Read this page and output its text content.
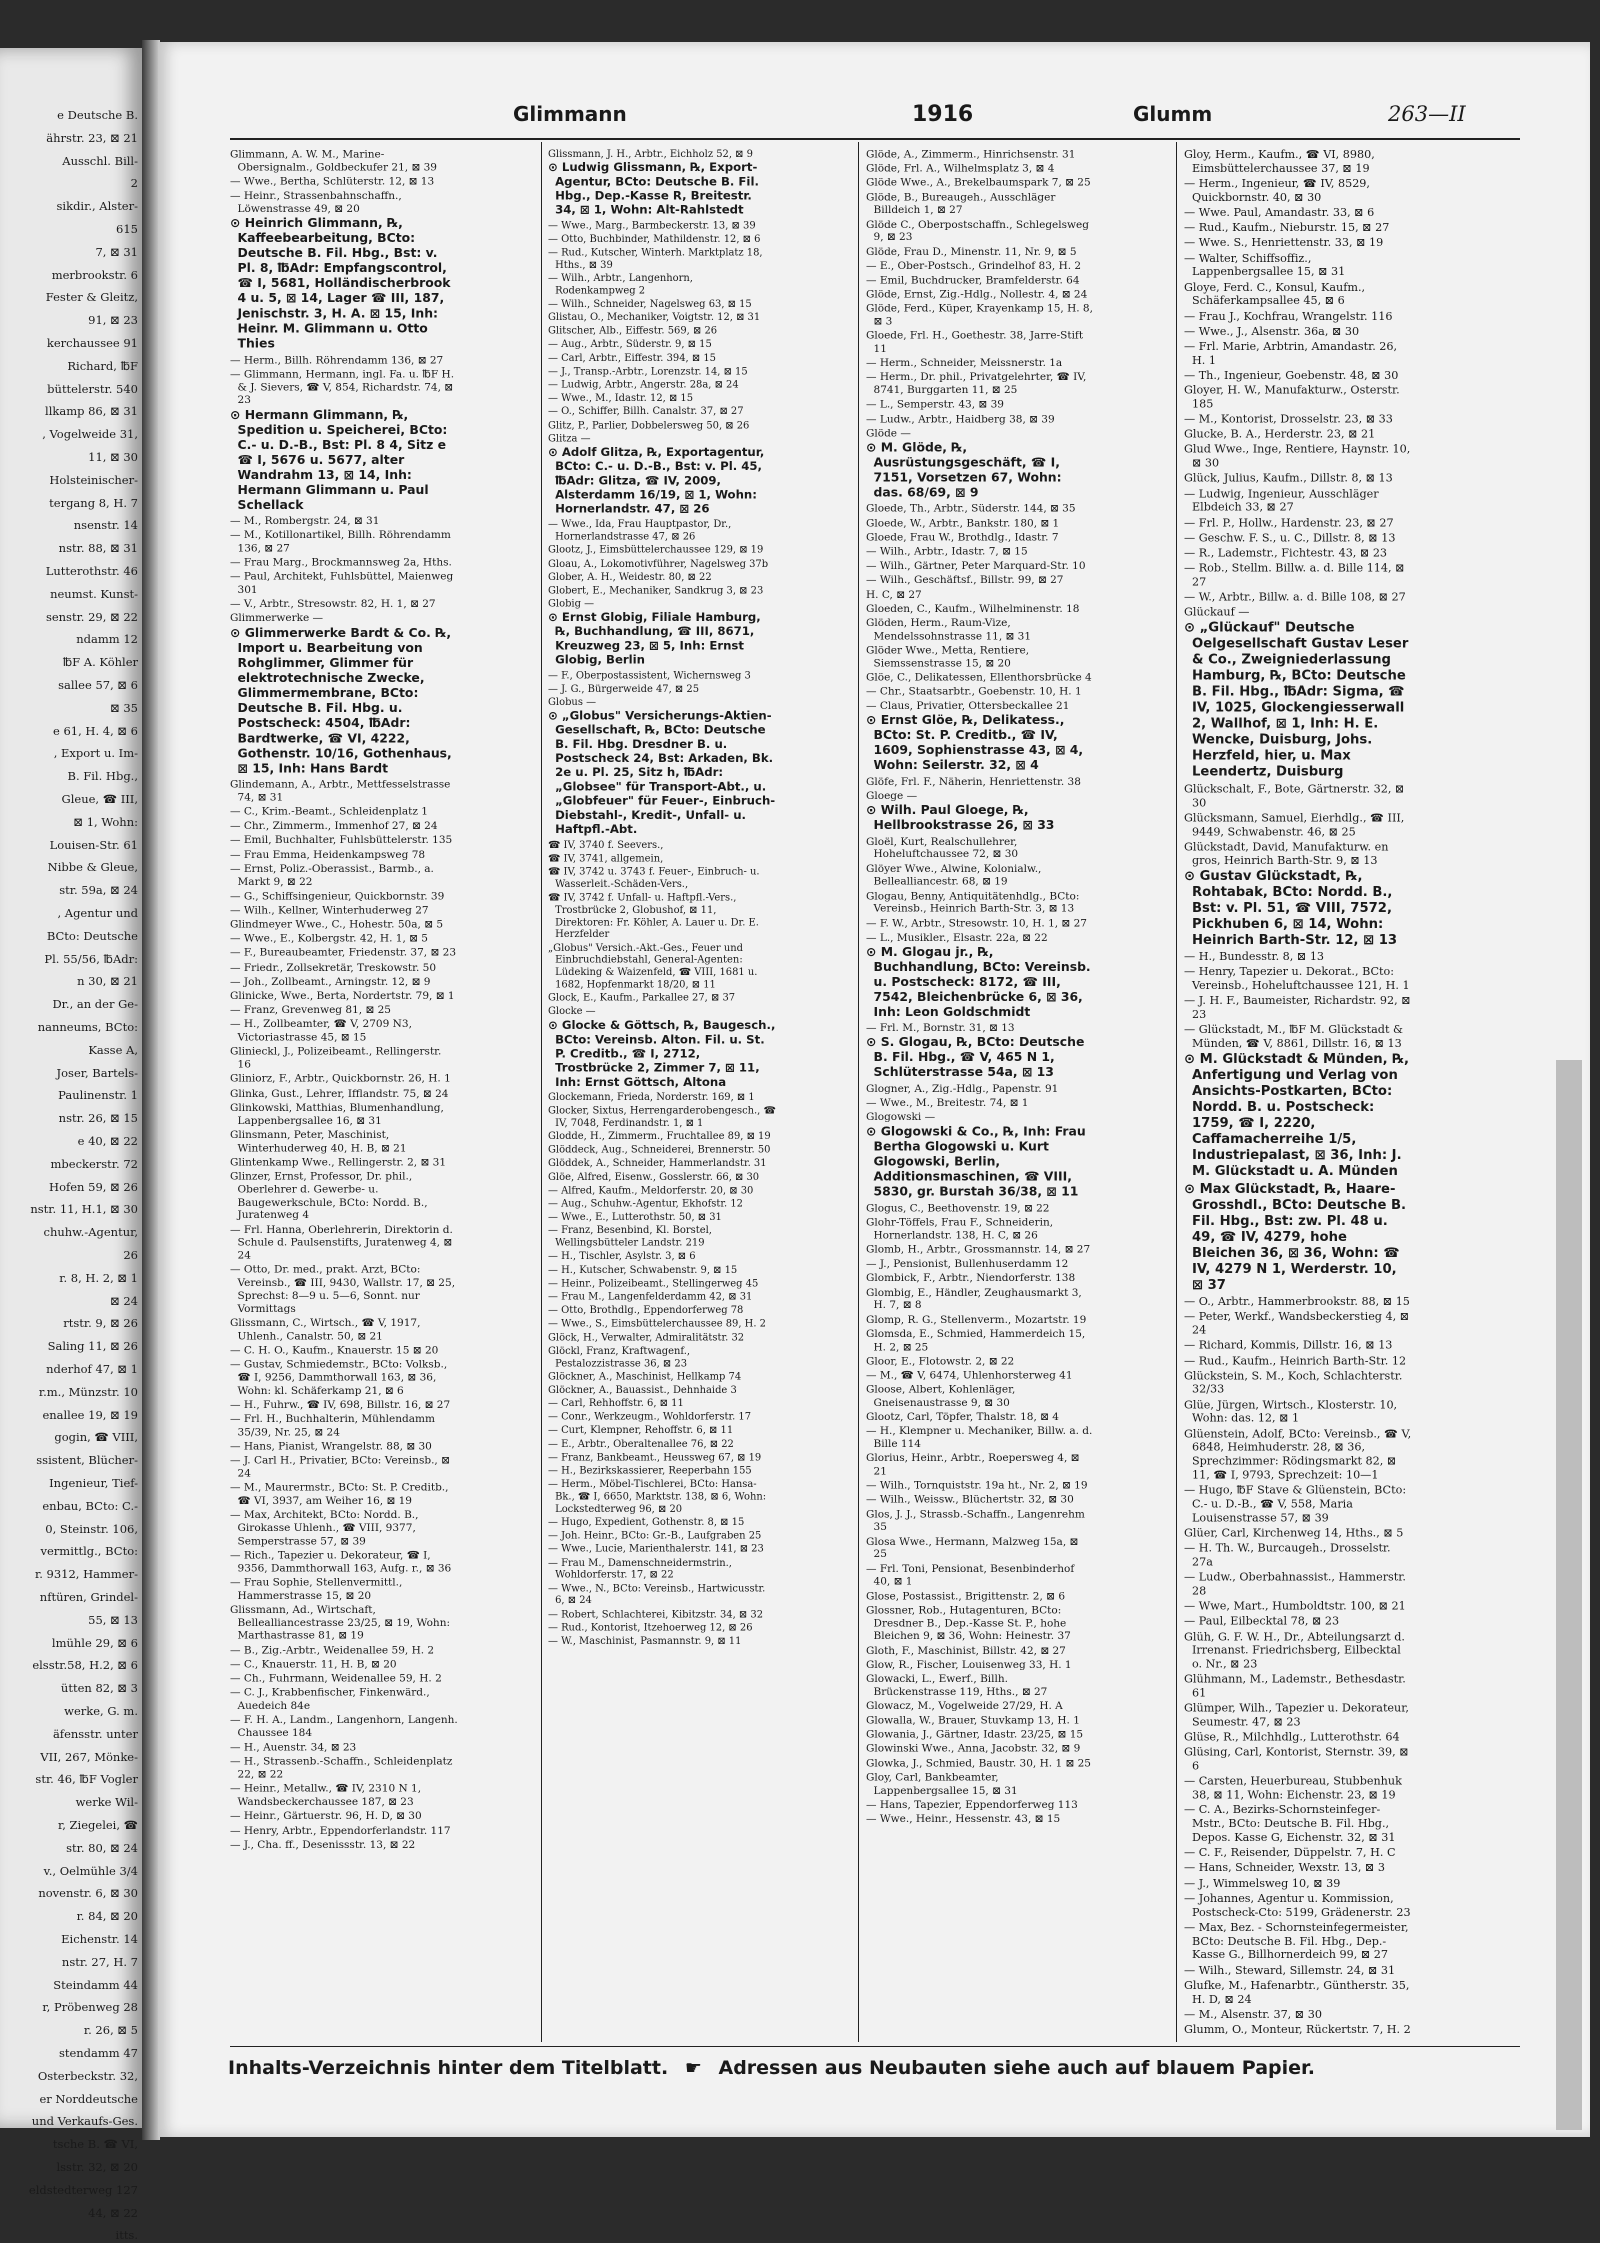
e Deutsche B.
ährstr. 23, ⊠ 21
Ausschl. Bill-
2
sikdir., Alster-
615
7, ⊠ 31
merbrookstr. 6
Fester & Gleitz,
91, ⊠ 23
kerchaussee 91
Richard, ℔F
büttelerstr. 540
llkamp 86, ⊠ 31
, Vogelweide 31,
11, ⊠ 30
Holsteinischer-
tergang 8, H. 7
nsenstr. 14
nstr. 88, ⊠ 31
Lutterothstr. 46
neumst. Kunst-
senstr. 29, ⊠ 22
ndamm 12
℔F A. Köhler
sallee 57, ⊠ 6
⊠ 35
e 61, H. 4, ⊠ 6
, Export u. Im-
B. Fil. Hbg.,
Gleue, ☎ III,
⊠ 1, Wohn:
Louisen-Str. 61
Nibbe & Gleue,
str. 59a, ⊠ 24
, Agentur und
BCto: Deutsche
Pl. 55/56, ℔Adr:
n 30, ⊠ 21
Dr., an der Ge-
nanneums, BCto:
Kasse A,
Joser, Bartels-
Paulinenstr. 1
nstr. 26, ⊠ 15
e 40, ⊠ 22
mbeckerstr. 72
Hofen 59, ⊠ 26
nstr. 11, H.1, ⊠ 30
chuhw.-Agentur,
26
r. 8, H. 2, ⊠ 1
⊠ 24
rtstr. 9, ⊠ 26
Saling 11, ⊠ 26
nderhof 47, ⊠ 1
r.m., Münzstr. 10
enallee 19, ⊠ 19
gogin, ☎ VIII,
ssistent, Blücher-
Ingenieur, Tief-
enbau, BCto: C.-
0, Steinstr. 106,
vermittlg., BCto:
r. 9312, Hammer-
nftüren, Grindel-
55, ⊠ 13
lmühle 29, ⊠ 6
elsstr.58, H.2, ⊠ 6
ütten 82, ⊠ 3
werke, G. m.
äfensstr. unter
VII, 267, Mönke-
str. 46, ℔F Vogler
werke Wil-
r, Ziegelei, ☎
str. 80, ⊠ 24
v., Oelmühle 3/4
novenstr. 6, ⊠ 30
r. 84, ⊠ 20
Eichenstr. 14
nstr. 27, H. 7
Steindamm 44
r, Pröbenweg 28
r. 26, ⊠ 5
stendamm 47
Osterbeckstr. 32,
er Norddeutsche
und Verkaufs-Ges.
tsche B. ☎ VI,
lsstr. 32, ⊠ 20
eldstedterweg 127
44, ⊠ 22
itts.
Glimmann	1916	Glumm	263—II
Glimmann, A. W. M., Marine-Obersignalm., Goldbeckufer 21, ⊠ 39
— Wwe., Bertha, Schlüterstr. 12, ⊠ 13
— Heinr., Strassenbahnschaffn., Löwenstrasse 49, ⊠ 20
⊙ Heinrich Glimmann, ℞, Kaffeebearbeitung, BCto: Deutsche B. Fil. Hbg., Bst: v. Pl. 8, ℔Adr: Empfangscontrol, ☎ I, 5681, Holländischerbrook 4 u. 5, ⊠ 14, Lager ☎ III, 187, Jenischstr. 3, H. A. ⊠ 15, Inh: Heinr. M. Glimmann u. Otto Thies
— Herm., Billh. Röhrendamm 136, ⊠ 27
— Glimmann, Hermann, ingl. Fa. u. ℔F H. & J. Sievers, ☎ V, 854, Richardstr. 74, ⊠ 23
⊙ Hermann Glimmann, ℞, Spedition u. Speicherei, BCto: C.- u. D.-B., Bst: Pl. 8 4, Sitz e ☎ I, 5676 u. 5677, alter Wandrahm 13, ⊠ 14, Inh: Hermann Glimmann u. Paul Schellack
— M., Rombergstr. 24, ⊠ 31
— M., Kotillonartikel, Billh. Röhrendamm 136, ⊠ 27
— Frau Marg., Brockmannsweg 2a, Hths.
— Paul, Architekt, Fuhlsbüttel, Maienweg 301
— V., Arbtr., Stresowstr. 82, H. 1, ⊠ 27
Glimmerwerke —
⊙ Glimmerwerke Bardt & Co. ℞, Import u. Bearbeitung von Rohglimmer, Glimmer für elektrotechnische Zwecke, Glimmermembrane, BCto: Deutsche B. Fil. Hbg. u. Postscheck: 4504, ℔Adr: Bardtwerke, ☎ VI, 4222, Gothenstr. 10/16, Gothenhaus, ⊠ 15, Inh: Hans Bardt
Glindemann, A., Arbtr., Mettfesselstrasse 74, ⊠ 31
— C., Krim.-Beamt., Schleidenplatz 1
— Chr., Zimmerm., Immenhof 27, ⊠ 24
— Emil, Buchhalter, Fuhlsbüttelerstr. 135
— Frau Emma, Heidenkampsweg 78
— Ernst, Poliz.-Oberassist., Barmb., a. Markt 9, ⊠ 22
— G., Schiffsingenieur, Quickbornstr. 39
— Wilh., Kellner, Winterhuderweg 27
Glindmeyer Wwe., C., Hohestr. 50a, ⊠ 5
— Wwe., E., Kolbergstr. 42, H. 1, ⊠ 5
— F., Bureaubeamter, Friedenstr. 37, ⊠ 23
— Friedr., Zollsekretär, Treskowstr. 50
— Joh., Zollbeamt., Arningstr. 12, ⊠ 9
Glinicke, Wwe., Berta, Nordertstr. 79, ⊠ 1
— Franz, Grevenweg 81, ⊠ 25
— H., Zollbeamter, ☎ V, 2709 N3, Victoriastrasse 45, ⊠ 15
Glinieckl, J., Polizeibeamt., Rellingerstr. 16
Gliniorz, F., Arbtr., Quickbornstr. 26, H. 1
Glinka, Gust., Lehrer, Ifflandstr. 75, ⊠ 24
Glinkowski, Matthias, Blumenhandlung, Lappenbergsallee 16, ⊠ 31
Glinsmann, Peter, Maschinist, Winterhuderweg 40, H. B, ⊠ 21
Glintenkamp Wwe., Rellingerstr. 2, ⊠ 31
Glinzer, Ernst, Professor, Dr. phil., Oberlehrer d. Gewerbe- u. Baugewerkschule, BCto: Nordd. B., Juratenweg 4
— Frl. Hanna, Oberlehrerin, Direktorin d. Schule d. Paulsenstifts, Juratenweg 4, ⊠ 24
— Otto, Dr. med., prakt. Arzt, BCto: Vereinsb., ☎ III, 9430, Wallstr. 17, ⊠ 25, Sprechst: 8—9 u. 5—6, Sonnt. nur Vormittags
Glissmann, C., Wirtsch., ☎ V, 1917, Uhlenh., Canalstr. 50, ⊠ 21
— C. H. O., Kaufm., Knauerstr. 15 ⊠ 20
— Gustav, Schmiedemstr., BCto: Volksb., ☎ I, 9256, Dammthorwall 163, ⊠ 36, Wohn: kl. Schäferkamp 21, ⊠ 6
— H., Fuhrw., ☎ IV, 698, Billstr. 16, ⊠ 27
— Frl. H., Buchhalterin, Mühlendamm 35/39, Nr. 25, ⊠ 24
— Hans, Pianist, Wrangelstr. 88, ⊠ 30
— J. Carl H., Privatier, BCto: Vereinsb., ⊠ 24
— M., Maurermstr., BCto: St. P. Creditb., ☎ VI, 3937, am Weiher 16, ⊠ 19
— Max, Architekt, BCto: Nordd. B., Girokasse Uhlenh., ☎ VIII, 9377, Semperstrasse 57, ⊠ 39
— Rich., Tapezier u. Dekorateur, ☎ I, 9356, Dammthorwall 163, Aufg. r., ⊠ 36
— Frau Sophie, Stellenvermittl., Hammerstrasse 15, ⊠ 20
Glissmann, Ad., Wirtschaft, Bellealliancestrasse 23/25, ⊠ 19, Wohn: Marthastrasse 81, ⊠ 19
— B., Zig.-Arbtr., Weidenallee 59, H. 2
— C., Knauerstr. 11, H. B, ⊠ 20
— Ch., Fuhrmann, Weidenallee 59, H. 2
— C. J., Krabbenfischer, Finkenwärd., Auedeich 84e
— F. H. A., Landm., Langenhorn, Langenh. Chaussee 184
— H., Auenstr. 34, ⊠ 23
— H., Strassenb.-Schaffn., Schleidenplatz 22, ⊠ 22
— Heinr., Metallw., ☎ IV, 2310 N 1, Wandsbeckerchaussee 187, ⊠ 23
— Heinr., Gärtuerstr. 96, H. D, ⊠ 30
— Henry, Arbtr., Eppendorferlandstr. 117
— J., Cha. ff., Desenissstr. 13, ⊠ 22
Glissmann, J. H., Arbtr., Eichholz 52, ⊠ 9
⊙ Ludwig Glissmann, ℞, Export-Agentur, BCto: Deutsche B. Fil. Hbg., Dep.-Kasse R, Breitestr. 34, ⊠ 1, Wohn: Alt-Rahlstedt
— Wwe., Marg., Barmbeckerstr. 13, ⊠ 39
— Otto, Buchbinder, Mathildenstr. 12, ⊠ 6
— Rud., Kutscher, Winterh. Marktplatz 18, Hths., ⊠ 39
— Wilh., Arbtr., Langenhorn, Rodenkampweg 2
— Wilh., Schneider, Nagelsweg 63, ⊠ 15
Glistau, O., Mechaniker, Voigtstr. 12, ⊠ 31
Glitscher, Alb., Eiffestr. 569, ⊠ 26
— Aug., Arbtr., Süderstr. 9, ⊠ 15
— Carl, Arbtr., Eiffestr. 394, ⊠ 15
— J., Transp.-Arbtr., Lorenzstr. 14, ⊠ 15
— Ludwig, Arbtr., Angerstr. 28a, ⊠ 24
— Wwe., M., Idastr. 12, ⊠ 15
— O., Schiffer, Billh. Canalstr. 37, ⊠ 27
Glitz, P., Parlier, Dobbelersweg 50, ⊠ 26
Glitza —
⊙ Adolf Glitza, ℞, Exportagentur, BCto: C.- u. D.-B., Bst: v. Pl. 45, ℔Adr: Glitza, ☎ IV, 2009, Alsterdamm 16/19, ⊠ 1, Wohn: Hornerlandstr. 47, ⊠ 26
— Wwe., Ida, Frau Hauptpastor, Dr., Hornerlandstrasse 47, ⊠ 26
Glootz, J., Eimsbüttelerchaussee 129, ⊠ 19
Gloau, A., Lokomotivführer, Nagelsweg 37b
Glober, A. H., Weidestr. 80, ⊠ 22
Globert, E., Mechaniker, Sandkrug 3, ⊠ 23
Globig —
⊙ Ernst Globig, Filiale Hamburg, ℞, Buchhandlung, ☎ III, 8671, Kreuzweg 23, ⊠ 5, Inh: Ernst Globig, Berlin
— F., Oberpostassistent, Wichernsweg 3
— J. G., Bürgerweide 47, ⊠ 25
Globus —
⊙ „Globus" Versicherungs-Aktien-Gesellschaft, ℞, BCto: Deutsche B. Fil. Hbg. Dresdner B. u. Postscheck 24, Bst: Arkaden, Bk. 2e u. Pl. 25, Sitz h, ℔Adr: „Globsee" für Transport-Abt., u. „Globfeuer" für Feuer-, Einbruch-Diebstahl-, Kredit-, Unfall- u. Haftpfl.-Abt.
☎ IV, 3740 f. Seevers.,
☎ IV, 3741, allgemein,
☎ IV, 3742 u. 3743 f. Feuer-, Einbruch- u. Wasserleit.-Schäden-Vers.,
☎ IV, 3742 f. Unfall- u. Haftpfl.-Vers., Trostbrücke 2, Globushof, ⊠ 11, Direktoren: Fr. Köhler, A. Lauer u. Dr. E. Herzfelder
„Globus" Versich.-Akt.-Ges., Feuer und Einbruchdiebstahl, General-Agenten: Lüdeking & Waizenfeld, ☎ VIII, 1681 u. 1682, Hopfenmarkt 18/20, ⊠ 11
Glock, E., Kaufm., Parkallee 27, ⊠ 37
Glocke —
⊙ Glocke & Göttsch, ℞, Baugesch., BCto: Vereinsb. Alton. Fil. u. St. P. Creditb., ☎ I, 2712, Trostbrücke 2, Zimmer 7, ⊠ 11, Inh: Ernst Göttsch, Altona
Glockemann, Frieda, Norderstr. 169, ⊠ 1
Glocker, Sixtus, Herrengarderobengesch., ☎ IV, 7048, Ferdinandstr. 1, ⊠ 1
Glodde, H., Zimmerm., Fruchtallee 89, ⊠ 19
Glöddeck, Aug., Schneiderei, Brennerstr. 50
Glöddek, A., Schneider, Hammerlandstr. 31
Glöe, Alfred, Eisenw., Gosslerstr. 66, ⊠ 30
— Alfred, Kaufm., Meldorferstr. 20, ⊠ 30
— Aug., Schuhw.-Agentur, Ekhofstr. 12
— Wwe., E., Lutterothstr. 50, ⊠ 31
— Franz, Besenbind, Kl. Borstel, Wellingsbütteler Landstr. 219
— H., Tischler, Asylstr. 3, ⊠ 6
— H., Kutscher, Schwabenstr. 9, ⊠ 15
— Heinr., Polizeibeamt., Stellingerweg 45
— Frau M., Langenfelderdamm 42, ⊠ 31
— Otto, Brothdlg., Eppendorferweg 78
— Wwe., S., Eimsbüttelerchaussee 89, H. 2
Glöck, H., Verwalter, Admiralitätstr. 32
Glöckl, Franz, Kraftwagenf., Pestalozzistrasse 36, ⊠ 23
Glöckner, A., Maschinist, Hellkamp 74
Glöckner, A., Bauassist., Dehnhaide 3
— Carl, Rehhoffstr. 6, ⊠ 11
— Conr., Werkzeugm., Wohldorferstr. 17
— Curt, Klempner, Rehoffstr. 6, ⊠ 11
— E., Arbtr., Oberaltenallee 76, ⊠ 22
— Franz, Bankbeamt., Heussweg 67, ⊠ 19
— H., Bezirkskassierer, Reeperbahn 155
— Herm., Möbel-Tischlerei, BCto: Hansa-Bk., ☎ I, 6650, Marktstr. 138, ⊠ 6, Wohn: Lockstedterweg 96, ⊠ 20
— Hugo, Expedient, Gothenstr. 8, ⊠ 15
— Joh. Heinr., BCto: Gr.-B., Laufgraben 25
— Wwe., Lucie, Marienthalerstr. 141, ⊠ 23
— Frau M., Damenschneidermstrin., Wohldorferstr. 17, ⊠ 22
— Wwe., N., BCto: Vereinsb., Hartwicusstr. 6, ⊠ 24
— Robert, Schlachterei, Kibitzstr. 34, ⊠ 32
— Rud., Kontorist, Itzehoerweg 12, ⊠ 26
— W., Maschinist, Pasmannstr. 9, ⊠ 11
Glöde, A., Zimmerm., Hinrichsenstr. 31
Glöde, Frl. A., Wilhelmsplatz 3, ⊠ 4
Glöde Wwe., A., Brekelbaumspark 7, ⊠ 25
Glöde, B., Bureaugeh., Ausschläger Billdeich 1, ⊠ 27
Glöde C., Oberpostschaffn., Schlegelsweg 9, ⊠ 23
Glöde, Frau D., Minenstr. 11, Nr. 9, ⊠ 5
— E., Ober-Postsch., Grindelhof 83, H. 2
— Emil, Buchdrucker, Bramfelderstr. 64
Glöde, Ernst, Zig.-Hdlg., Nollestr. 4, ⊠ 24
Glöde, Ferd., Küper, Krayenkamp 15, H. 8, ⊠ 3
Gloede, Frl. H., Goethestr. 38, Jarre-Stift 11
— Herm., Schneider, Meissnerstr. 1a
— Herm., Dr. phil., Privatgelehrter, ☎ IV, 8741, Burggarten 11, ⊠ 25
— L., Semperstr. 43, ⊠ 39
— Ludw., Arbtr., Haidberg 38, ⊠ 39
Glöde —
⊙ M. Glöde, ℞, Ausrüstungsgeschäft, ☎ I, 7151, Vorsetzen 67, Wohn: das. 68/69, ⊠ 9
Gloede, Th., Arbtr., Süderstr. 144, ⊠ 35
Gloede, W., Arbtr., Bankstr. 180, ⊠ 1
Gloede, Frau W., Brothdlg., Idastr. 7
— Wilh., Arbtr., Idastr. 7, ⊠ 15
— Wilh., Gärtner, Peter Marquard-Str. 10
— Wilh., Geschäftsf., Billstr. 99, ⊠ 27
H. C, ⊠ 27
Gloeden, C., Kaufm., Wilhelminenstr. 18
Glöden, Herm., Raum-Vize, Mendelssohnstrasse 11, ⊠ 31
Glöder Wwe., Metta, Rentiere, Siemssenstrasse 15, ⊠ 20
Glöe, C., Delikatessen, Ellenthorsbrücke 4
— Chr., Staatsarbtr., Goebenstr. 10, H. 1
— Claus, Privatier, Ottersbeckallee 21
⊙ Ernst Glöe, ℞, Delikatess., BCto: St. P. Creditb., ☎ IV, 1609, Sophienstrasse 43, ⊠ 4, Wohn: Seilerstr. 32, ⊠ 4
Glöfe, Frl. F., Näherin, Henriettenstr. 38
Gloege —
⊙ Wilh. Paul Gloege, ℞, Hellbrookstrasse 26, ⊠ 33
Gloël, Kurt, Realschullehrer, Hoheluftchaussee 72, ⊠ 30
Glöyer Wwe., Alwine, Kolonialw., Bellealliancestr. 68, ⊠ 19
Glogau, Benny, Antiquitätenhdlg., BCto: Vereinsb., Heinrich Barth-Str. 3, ⊠ 13
— F. W., Arbtr., Stresowstr. 10, H. 1, ⊠ 27
— L., Musikler., Elsastr. 22a, ⊠ 22
⊙ M. Glogau jr., ℞, Buchhandlung, BCto: Vereinsb. u. Postscheck: 8172, ☎ III, 7542, Bleichenbrücke 6, ⊠ 36, Inh: Leon Goldschmidt
— Frl. M., Bornstr. 31, ⊠ 13
⊙ S. Glogau, ℞, BCto: Deutsche B. Fil. Hbg., ☎ V, 465 N 1, Schlüterstrasse 54a, ⊠ 13
Glogner, A., Zig.-Hdlg., Papenstr. 91
— Wwe., M., Breitestr. 74, ⊠ 1
Glogowski —
⊙ Glogowski & Co., ℞, Inh: Frau Bertha Glogowski u. Kurt Glogowski, Berlin, Additionsmaschinen, ☎ VIII, 5830, gr. Burstah 36/38, ⊠ 11
Glogus, C., Beethovenstr. 19, ⊠ 22
Glohr-Töffels, Frau F., Schneiderin, Hornerlandstr. 138, H. C, ⊠ 26
Glomb, H., Arbtr., Grossmannstr. 14, ⊠ 27
— J., Pensionist, Bullenhuserdamm 12
Glombick, F., Arbtr., Niendorferstr. 138
Glombig, E., Händler, Zeughausmarkt 3, H. 7, ⊠ 8
Glomp, R. G., Stellenverm., Mozartstr. 19
Glomsda, E., Schmied, Hammerdeich 15, H. 2, ⊠ 25
Gloor, E., Flotowstr. 2, ⊠ 22
— M., ☎ V, 6474, Uhlenhorsterweg 41
Gloose, Albert, Kohlenläger, Gneisenaustrasse 9, ⊠ 30
Glootz, Carl, Töpfer, Thalstr. 18, ⊠ 4
— H., Klempner u. Mechaniker, Billw. a. d. Bille 114
Glorius, Heinr., Arbtr., Roepersweg 4, ⊠ 21
— Wilh., Tornquiststr. 19a ht., Nr. 2, ⊠ 19
— Wilh., Weissw., Blüchertstr. 32, ⊠ 30
Glos, J. J., Strassb.-Schaffn., Langenrehm 35
Glosa Wwe., Hermann, Malzweg 15a, ⊠ 25
— Frl. Toni, Pensionat, Besenbinderhof 40, ⊠ 1
Glose, Postassist., Brigittenstr. 2, ⊠ 6
Glossner, Rob., Hutagenturen, BCto: Dresdner B., Dep.-Kasse St. P., hohe Bleichen 9, ⊠ 36, Wohn: Heinestr. 37
Gloth, F., Maschinist, Billstr. 42, ⊠ 27
Glow, R., Fischer, Louisenweg 33, H. 1
Glowacki, L., Ewerf., Billh. Brückenstrasse 119, Hths., ⊠ 27
Glowacz, M., Vogelweide 27/29, H. A
Glowalla, W., Brauer, Stuvkamp 13, H. 1
Glowania, J., Gärtner, Idastr. 23/25, ⊠ 15
Glowinski Wwe., Anna, Jacobstr. 32, ⊠ 9
Glowka, J., Schmied, Baustr. 30, H. 1 ⊠ 25
Gloy, Carl, Bankbeamter, Lappenbergsallee 15, ⊠ 31
— Hans, Tapezier, Eppendorferweg 113
— Wwe., Heinr., Hessenstr. 43, ⊠ 15
Gloy, Herm., Kaufm., ☎ VI, 8980, Eimsbüttelerchaussee 37, ⊠ 19
— Herm., Ingenieur, ☎ IV, 8529, Quickbornstr. 40, ⊠ 30
— Wwe. Paul, Amandastr. 33, ⊠ 6
— Rud., Kaufm., Nieburstr. 15, ⊠ 27
— Wwe. S., Henriettenstr. 33, ⊠ 19
— Walter, Schiffsoffiz., Lappenbergsallee 15, ⊠ 31
Gloye, Ferd. C., Konsul, Kaufm., Schäferkampsallee 45, ⊠ 6
— Frau J., Kochfrau, Wrangelstr. 116
— Wwe., J., Alsenstr. 36a, ⊠ 30
— Frl. Marie, Arbtrin, Amandastr. 26, H. 1
— Th., Ingenieur, Goebenstr. 48, ⊠ 30
Gloyer, H. W., Manufakturw., Osterstr. 185
— M., Kontorist, Drosselstr. 23, ⊠ 33
Glucke, B. A., Herderstr. 23, ⊠ 21
Glud Wwe., Inge, Rentiere, Haynstr. 10, ⊠ 30
Glück, Julius, Kaufm., Dillstr. 8, ⊠ 13
— Ludwig, Ingenieur, Ausschläger Elbdeich 33, ⊠ 27
— Frl. P., Hollw., Hardenstr. 23, ⊠ 27
— Geschw. F. S., u. C., Dillstr. 8, ⊠ 13
— R., Lademstr., Fichtestr. 43, ⊠ 23
— Rob., Stellm. Billw. a. d. Bille 114, ⊠ 27
— W., Arbtr., Billw. a. d. Bille 108, ⊠ 27
Glückauf —
⊙ „Glückauf" Deutsche Oelgesellschaft Gustav Leser & Co., Zweigniederlassung Hamburg, ℞, BCto: Deutsche B. Fil. Hbg., ℔Adr: Sigma, ☎ IV, 1025, Glockengiesserwall 2, Wallhof, ⊠ 1, Inh: H. E. Wencke, Duisburg, Johs. Herzfeld, hier, u. Max Leendertz, Duisburg
Glückschalt, F., Bote, Gärtnerstr. 32, ⊠ 30
Glücksmann, Samuel, Eierhdlg., ☎ III, 9449, Schwabenstr. 46, ⊠ 25
Glückstadt, David, Manufakturw. en gros, Heinrich Barth-Str. 9, ⊠ 13
⊙ Gustav Glückstadt, ℞, Rohtabak, BCto: Nordd. B., Bst: v. Pl. 51, ☎ VIII, 7572, Pickhuben 6, ⊠ 14, Wohn: Heinrich Barth-Str. 12, ⊠ 13
— H., Bundesstr. 8, ⊠ 13
— Henry, Tapezier u. Dekorat., BCto: Vereinsb., Hoheluftchaussee 121, H. 1
— J. H. F., Baumeister, Richardstr. 92, ⊠ 23
— Glückstadt, M., ℔F M. Glückstadt & Münden, ☎ V, 8861, Dillstr. 16, ⊠ 13
⊙ M. Glückstadt & Münden, ℞, Anfertigung und Verlag von Ansichts-Postkarten, BCto: Nordd. B. u. Postscheck: 1759, ☎ I, 2220, Caffamacherreihe 1/5, Industriepalast, ⊠ 36, Inh: J. M. Glückstadt u. A. Münden
⊙ Max Glückstadt, ℞, Haare-Grosshdl., BCto: Deutsche B. Fil. Hbg., Bst: zw. Pl. 48 u. 49, ☎ IV, 4279, hohe Bleichen 36, ⊠ 36, Wohn: ☎ IV, 4279 N 1, Werderstr. 10, ⊠ 37
— O., Arbtr., Hammerbrookstr. 88, ⊠ 15
— Peter, Werkf., Wandsbeckerstieg 4, ⊠ 24
— Richard, Kommis, Dillstr. 16, ⊠ 13
— Rud., Kaufm., Heinrich Barth-Str. 12
Glückstein, S. M., Koch, Schlachterstr. 32/33
Glüe, Jürgen, Wirtsch., Klosterstr. 10, Wohn: das. 12, ⊠ 1
Glüenstein, Adolf, BCto: Vereinsb., ☎ V, 6848, Heimhuderstr. 28, ⊠ 36, Sprechzimmer: Rödingsmarkt 82, ⊠ 11, ☎ I, 9793, Sprechzeit: 10—1
— Hugo, ℔F Stave & Glüenstein, BCto: C.- u. D.-B., ☎ V, 558, Maria Louisenstrasse 57, ⊠ 39
Glüer, Carl, Kirchenweg 14, Hths., ⊠ 5
— H. Th. W., Burcaugeh., Drosselstr. 27a
— Ludw., Oberbahnassist., Hammerstr. 28
— Wwe, Mart., Humboldtstr. 100, ⊠ 21
— Paul, Eilbecktal 78, ⊠ 23
Glüh, G. F. W. H., Dr., Abteilungsarzt d. Irrenanst. Friedrichsberg, Eilbecktal o. Nr., ⊠ 23
Glühmann, M., Lademstr., Bethesdastr. 61
Glümper, Wilh., Tapezier u. Dekorateur, Seumestr. 47, ⊠ 23
Glüse, R., Milchhdlg., Lutterothstr. 64
Glüsing, Carl, Kontorist, Sternstr. 39, ⊠ 6
— Carsten, Heuerbureau, Stubbenhuk 38, ⊠ 11, Wohn: Eichenstr. 23, ⊠ 19
— C. A., Bezirks-Schornsteinfeger-Mstr., BCto: Deutsche B. Fil. Hbg., Depos. Kasse G, Eichenstr. 32, ⊠ 31
— C. F., Reisender, Düppelstr. 7, H. C
— Hans, Schneider, Wexstr. 13, ⊠ 3
— J., Wimmelsweg 10, ⊠ 39
— Johannes, Agentur u. Kommission, Postscheck-Cto: 5199, Grädenerstr. 23
— Max, Bez. - Schornsteinfegermeister, BCto: Deutsche B. Fil. Hbg., Dep.-Kasse G., Billhornerdeich 99, ⊠ 27
— Wilh., Steward, Sillemstr. 24, ⊠ 31
Glufke, M., Hafenarbtr., Güntherstr. 35, H. D, ⊠ 24
— M., Alsenstr. 37, ⊠ 30
Glumm, O., Monteur, Rückertstr. 7, H. 2
Inhalts-Verzeichnis hinter dem Titelblatt. ☛ Adressen aus Neubauten siehe auch auf blauem Papier.
